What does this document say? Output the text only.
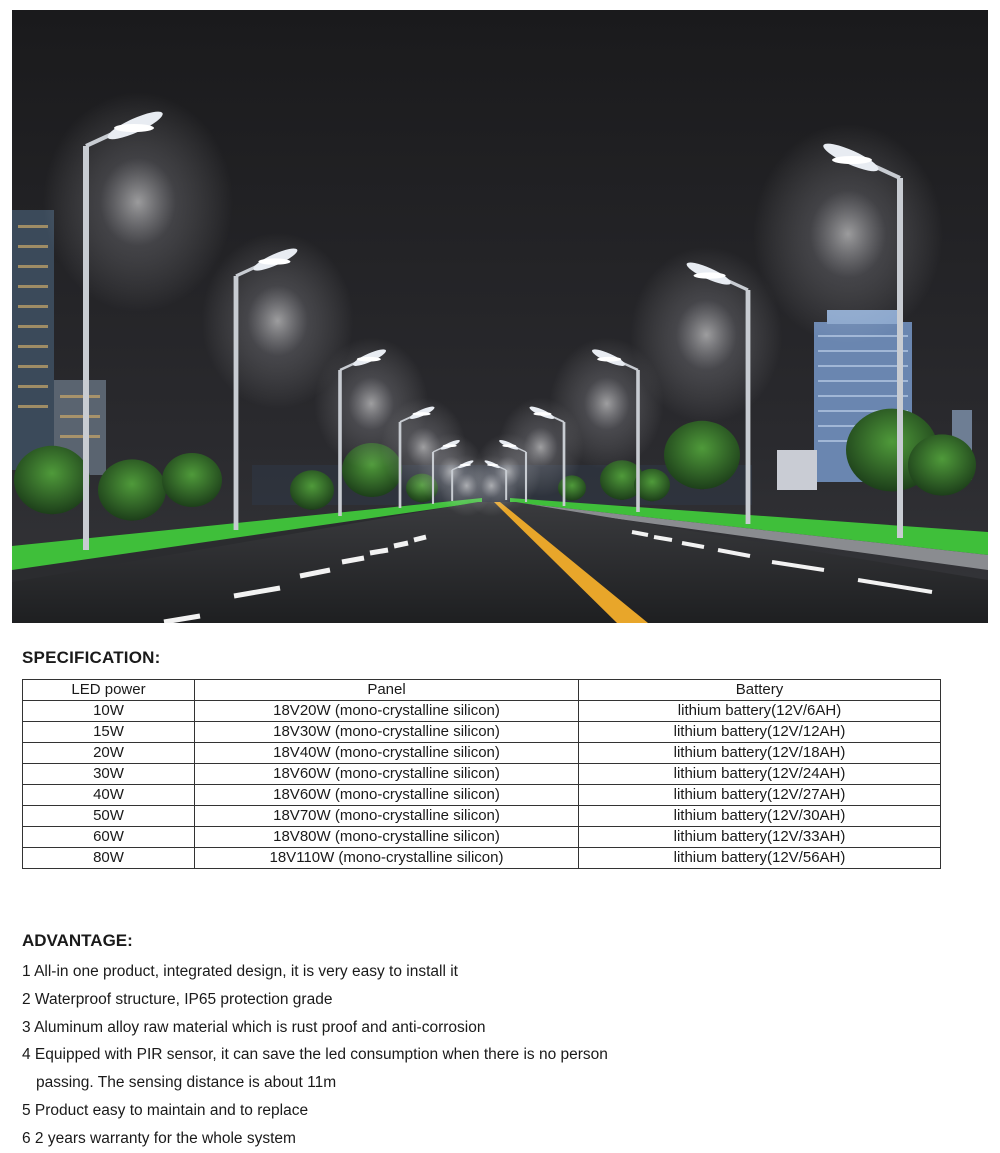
SPECIFICATION:
LED power	Panel	Battery
10W	18V20W (mono-crystalline silicon)	lithium battery(12V/6AH)
15W	18V30W (mono-crystalline silicon)	lithium battery(12V/12AH)
20W	18V40W (mono-crystalline silicon)	lithium battery(12V/18AH)
30W	18V60W (mono-crystalline silicon)	lithium battery(12V/24AH)
40W	18V60W (mono-crystalline silicon)	lithium battery(12V/27AH)
50W	18V70W (mono-crystalline silicon)	lithium battery(12V/30AH)
60W	18V80W (mono-crystalline silicon)	lithium battery(12V/33AH)
80W	18V110W (mono-crystalline silicon)	lithium battery(12V/56AH)
ADVANTAGE:
1 All-in one product, integrated design, it is very easy to install it
2 Waterproof structure, IP65 protection grade
3 Aluminum alloy raw material which is rust proof and anti-corrosion
4 Equipped with PIR sensor, it can save the led consumption when there is no person
passing. The sensing distance is about 11m
5 Product easy to maintain and to replace
6 2 years warranty for the whole system
